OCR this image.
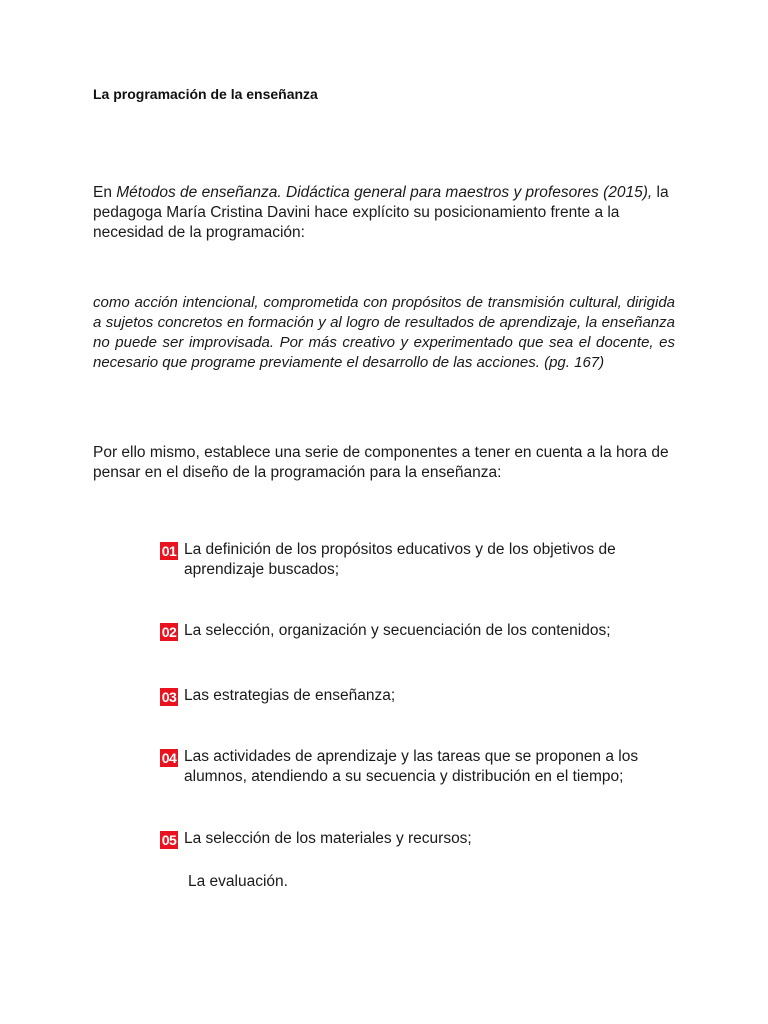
La programación de la enseñanza

En Métodos de enseñanza. Didáctica general para maestros y profesores (2015), la pedagoga María Cristina Davini hace explícito su posicionamiento frente a la necesidad de la programación:

como acción intencional, comprometida con propósitos de transmisión cultural, dirigida a sujetos concretos en formación y al logro de resultados de aprendizaje, la enseñanza no puede ser improvisada. Por más creativo y experimentado que sea el docente, es necesario que programe previamente el desarrollo de las acciones. (pg. 167)

Por ello mismo, establece una serie de componentes a tener en cuenta a la hora de pensar en el diseño de la programación para la enseñanza:

01 La definición de los propósitos educativos y de los objetivos de aprendizaje buscados;
02 La selección, organización y secuenciación de los contenidos;
03 Las estrategias de enseñanza;
04 Las actividades de aprendizaje y las tareas que se proponen a los alumnos, atendiendo a su secuencia y distribución en el tiempo;
05 La selección de los materiales y recursos;

La evaluación.
